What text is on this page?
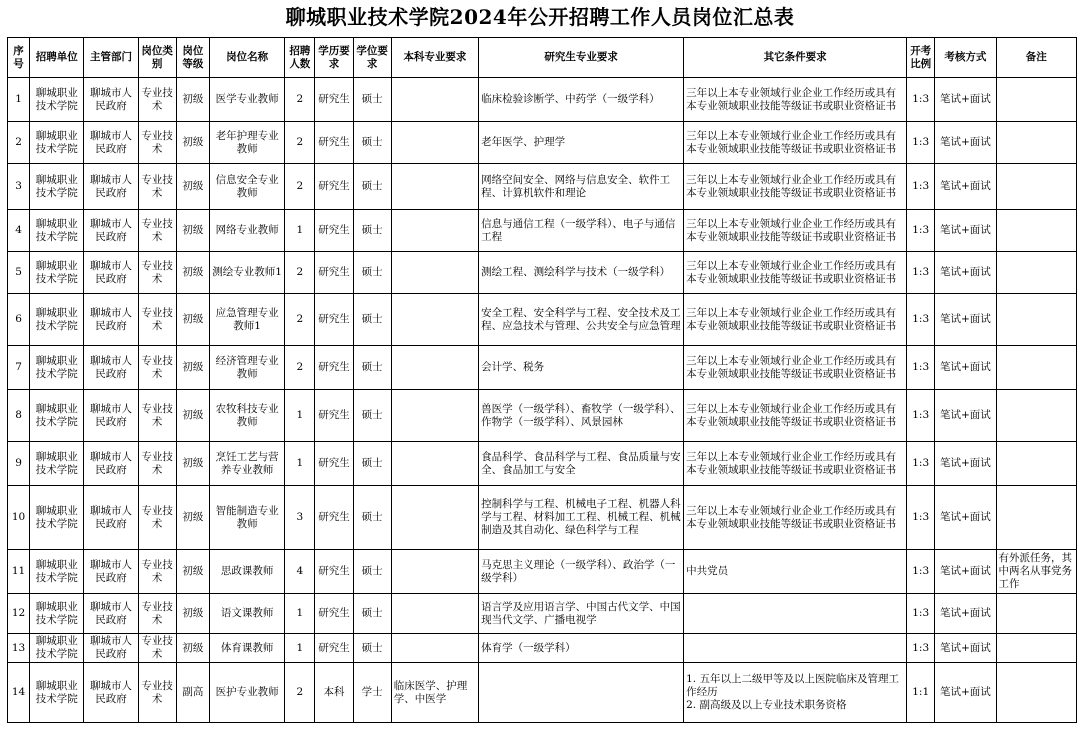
聊城职业技术学院2024年公开招聘工作人员岗位汇总表
序号	招聘单位	主管部门	岗位类别	岗位等级	岗位名称	招聘人数	学历要求	学位要求	本科专业要求	研究生专业要求	其它条件要求	开考比例	考核方式	备注
1	聊城职业技术学院	聊城市人民政府	专业技术	初级	医学专业教师	2	研究生	硕士		临床检验诊断学、中药学（一级学科）	三年以上本专业领域行业企业工作经历或具有本专业领域职业技能等级证书或职业资格证书	1:3	笔试+面试	
2	聊城职业技术学院	聊城市人民政府	专业技术	初级	老年护理专业教师	2	研究生	硕士		老年医学、护理学	三年以上本专业领域行业企业工作经历或具有本专业领域职业技能等级证书或职业资格证书	1:3	笔试+面试	
3	聊城职业技术学院	聊城市人民政府	专业技术	初级	信息安全专业教师	2	研究生	硕士		网络空间安全、网络与信息安全、软件工程、计算机软件和理论	三年以上本专业领域行业企业工作经历或具有本专业领域职业技能等级证书或职业资格证书	1:3	笔试+面试	
4	聊城职业技术学院	聊城市人民政府	专业技术	初级	网络专业教师	1	研究生	硕士		信息与通信工程（一级学科）、电子与通信工程	三年以上本专业领域行业企业工作经历或具有本专业领域职业技能等级证书或职业资格证书	1:3	笔试+面试	
5	聊城职业技术学院	聊城市人民政府	专业技术	初级	测绘专业教师1	2	研究生	硕士		测绘工程、测绘科学与技术（一级学科）	三年以上本专业领域行业企业工作经历或具有本专业领域职业技能等级证书或职业资格证书	1:3	笔试+面试	
6	聊城职业技术学院	聊城市人民政府	专业技术	初级	应急管理专业教师1	2	研究生	硕士		安全工程、安全科学与工程、安全技术及工程、应急技术与管理、公共安全与应急管理	三年以上本专业领域行业企业工作经历或具有本专业领域职业技能等级证书或职业资格证书	1:3	笔试+面试	
7	聊城职业技术学院	聊城市人民政府	专业技术	初级	经济管理专业教师	2	研究生	硕士		会计学、税务	三年以上本专业领域行业企业工作经历或具有本专业领域职业技能等级证书或职业资格证书	1:3	笔试+面试	
8	聊城职业技术学院	聊城市人民政府	专业技术	初级	农牧科技专业教师	1	研究生	硕士		兽医学（一级学科）、畜牧学（一级学科）、作物学（一级学科）、风景园林	三年以上本专业领域行业企业工作经历或具有本专业领域职业技能等级证书或职业资格证书	1:3	笔试+面试	
9	聊城职业技术学院	聊城市人民政府	专业技术	初级	烹饪工艺与营养专业教师	1	研究生	硕士		食品科学、食品科学与工程、食品质量与安全、食品加工与安全	三年以上本专业领域行业企业工作经历或具有本专业领域职业技能等级证书或职业资格证书	1:3	笔试+面试	
10	聊城职业技术学院	聊城市人民政府	专业技术	初级	智能制造专业教师	3	研究生	硕士		控制科学与工程、机械电子工程、机器人科学与工程、材料加工工程、机械工程、机械制造及其自动化、绿色科学与工程	三年以上本专业领域行业企业工作经历或具有本专业领域职业技能等级证书或职业资格证书	1:3	笔试+面试	
11	聊城职业技术学院	聊城市人民政府	专业技术	初级	思政课教师	4	研究生	硕士		马克思主义理论（一级学科）、政治学（一级学科）	中共党员	1:3	笔试+面试	有外派任务，其中两名从事党务工作
12	聊城职业技术学院	聊城市人民政府	专业技术	初级	语文课教师	1	研究生	硕士		语言学及应用语言学、中国古代文学、中国现当代文学、广播电视学		1:3	笔试+面试	
13	聊城职业技术学院	聊城市人民政府	专业技术	初级	体育课教师	1	研究生	硕士		体育学（一级学科）		1:3	笔试+面试	
14	聊城职业技术学院	聊城市人民政府	专业技术	副高	医护专业教师	2	本科	学士	临床医学、护理学、中医学		1. 五年以上二级甲等及以上医院临床及管理工作经历
2. 副高级及以上专业技术职务资格	1:1	笔试+面试	
